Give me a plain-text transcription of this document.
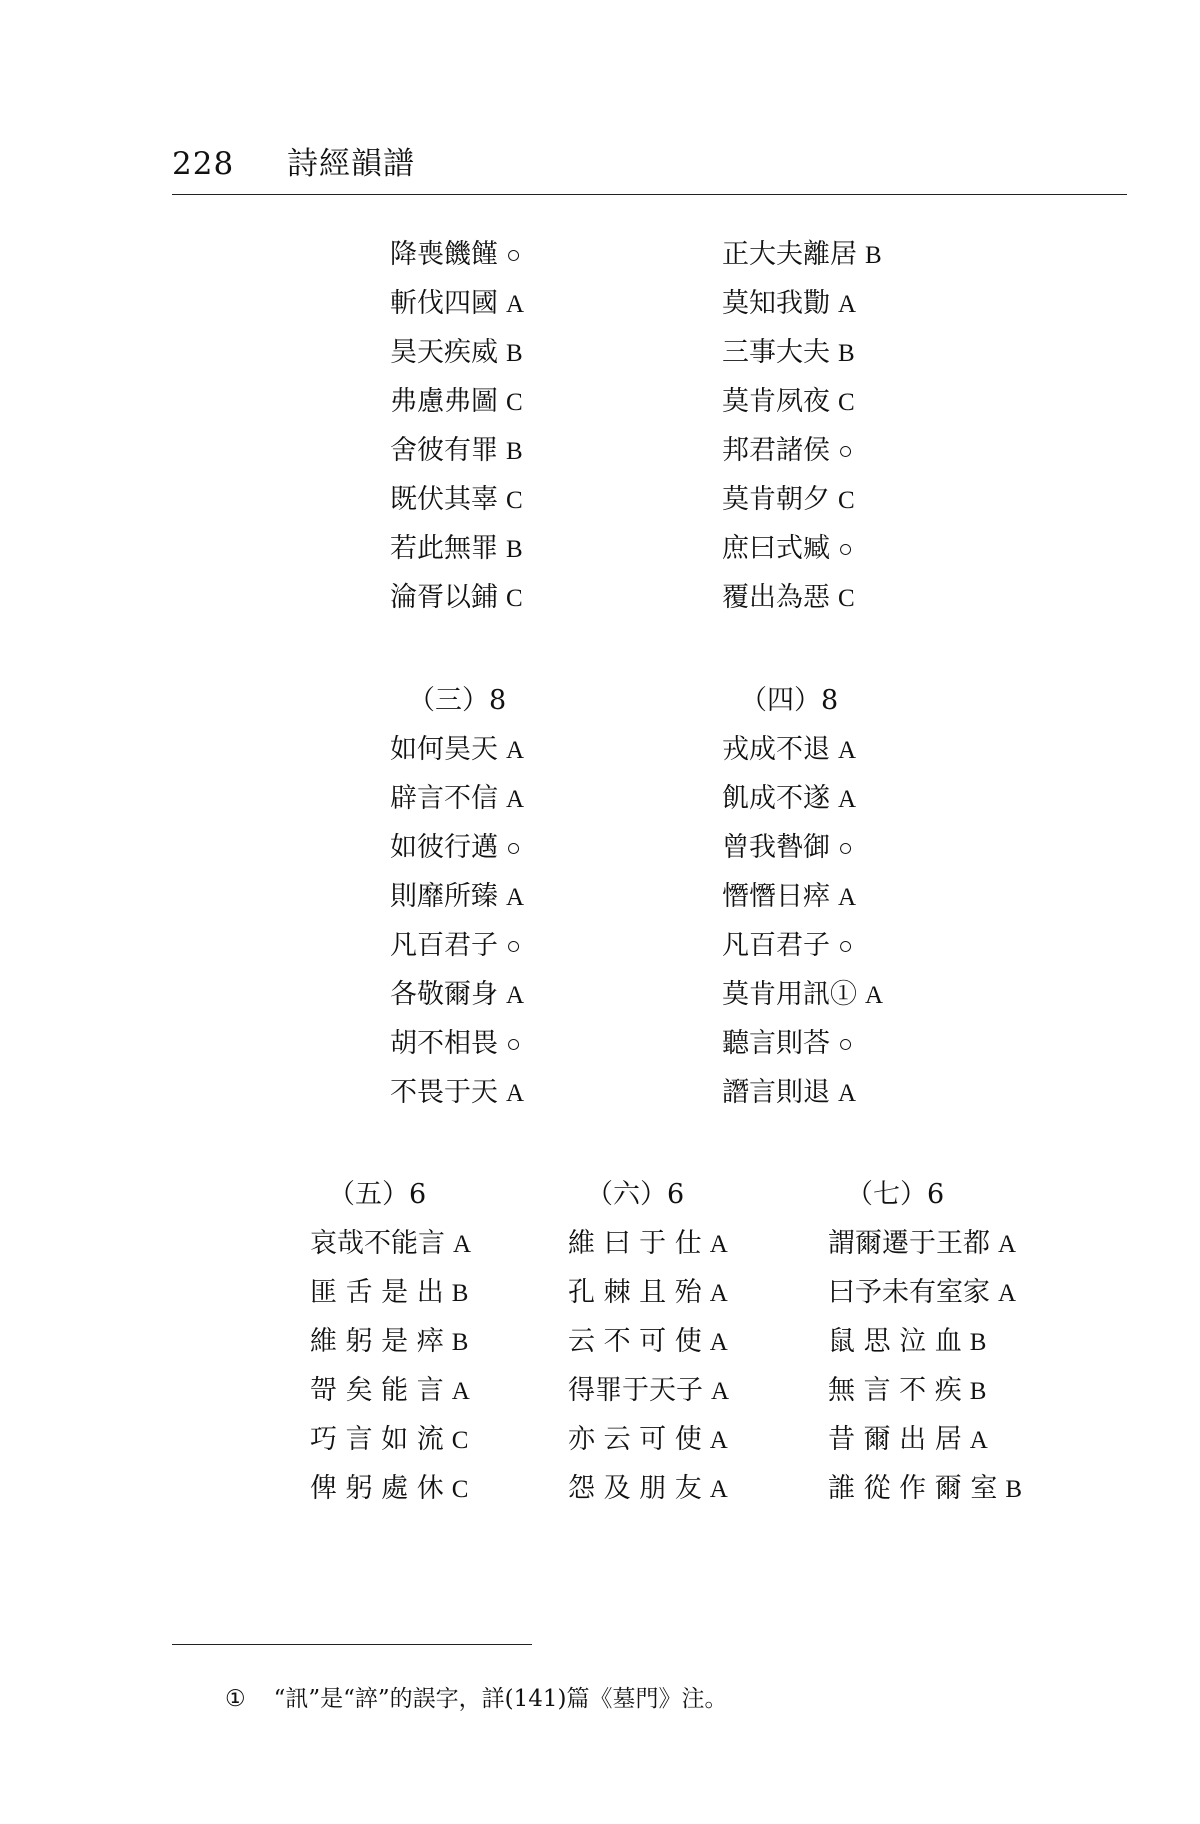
228 詩經韻譜
降喪饑饉 ○
斬伐四國 A
昊天疾威 B
弗慮弗圖 C
舍彼有罪 B
既伏其辜 C
若此無罪 B
淪胥以鋪 C
正大夫離居 B
莫知我勩 A
三事大夫 B
莫肯夙夜 C
邦君諸侯 ○
莫肯朝夕 C
庶曰式臧 ○
覆出為惡 C
（三）8
如何昊天 A
辟言不信 A
如彼行邁 ○
則靡所臻 A
凡百君子 ○
各敬爾身 A
胡不相畏 ○
不畏于天 A
（四）8
戎成不退 A
飢成不遂 A
曾我暬御 ○
憯憯日瘁 A
凡百君子 ○
莫肯用訊① A
聽言則荅 ○
譖言則退 A
（五）6
哀哉不能言 A
匪 舌 是 出 B
維 躬 是 瘁 B
哿 矣 能 言 A
巧 言 如 流 C
俾 躬 處 休 C
（六）6
維 曰 于 仕 A
孔 棘 且 殆 A
云 不 可 使 A
得罪于天子 A
亦 云 可 使 A
怨 及 朋 友 A
（七）6
謂爾遷于王都 A
曰予未有室家 A
鼠 思 泣 血 B
無 言 不 疾 B
昔 爾 出 居 A
誰 從 作 爾 室 B
① “訊”是“誶”的誤字，詳(141)篇《墓門》注。
